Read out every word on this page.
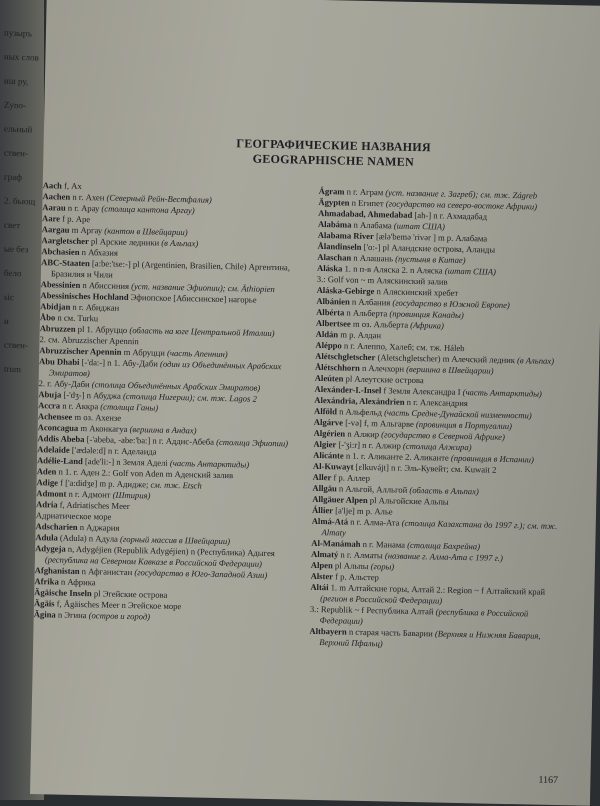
пузыръ
ных слов
иш ру,
Zyno-
ельный
ствен-
граф
2. бьющ
свет
ые без
бело
sic
и
ствен-
trum
ГЕОГРАФИЧЕСКИЕ НАЗВАНИЯ
GEOGRAPHISCHE NAMEN

Aach f, Ах

Aachen n г. Ахен (Северный Рейн-Вестфалия)

Aarau n г. Арау (столица кантона Аргау)

Aare f р. Аре

Aargau m Аргау (кантон в Швейцарии)

Aargletscher pl Арские ледники (в Альпах)

Abchasien n Абхазия

ABC-Staaten [a:be:'tse:-] pl (Argentinien, Brasilien, Chile) Аргентина, Бразилия и Чили

Abessinien n Абиссиния (уст. название Эфиопии); см. Äthiopien

Abessinisches Hochland Эфиопское [Абиссинское] нагорье

Abidjan n г. Абиджан

Åbo n см. Turku

Abruzzen pl 1. Абруццо (область на юге Центральной Италии)

2. см. Abruzzischer Apennin

Abruzzischer Apennin m Абруцци (часть Апеннин)

Abu Dhabi [-'da:-] n 1. Абу-Даби (один из Объединённых Арабских Эмиратов)

2. г. Абу-Даби (столица Объединённых Арабских Эмиратов)

Abuja [-'dʒ-] n Абуджа (столица Нигерии); см. тж. Lagos 2

Accra n г. Аккра (столица Ганы)

Achensee m оз. Ахензе

Aconcagua m Аконкагуа (вершина в Андах)

Addis Abeba [-'abeba, -abe:'ba:] n г. Аддис-Абеба (столица Эфиопии)

Adelaide ['ædəle:d] n г. Аделаида

Adélie-Land [ade'li:-] n Земля Аделі (часть Антарктиды)

Aden n 1. г. Аден 2.: Golf von Aden m Аденский залив

Adige f ['a:didʒe] m р. Адидже; см. тж. Etsch

Admont n г. Адмонт (Штирия)

Adria f, Adriatisches Meer

Адриатическое море

Adscharien n Аджария

Adula (Adula) n Адула (горный массив в Швейцарии)

Adygeja n, Adygéjien (Republik Adygéjien) n (Республика) Адыгея (республика на Северном Кавказе в Российской Федерации)

Afghanistan n Афганистан (государство в Юго-Западной Азии)

Afrika n Африка

Ägäische Inseln pl Эгейские острова

Ägäis f, Ägäisches Meer n Эгейское море

Ägina n Эгина (остров и город)

Ágram n г. Аграм (уст. название г. Загреб); см. тж. Zágreb

Ägypten n Египет (государство на северо-востоке Африки)

Ahmadabad, Ahmedabad [ah-] n г. Ахмадабад

Alabáma n Алабама (штат США)

Alabama River [ælə'bemə 'rivər ] m р. Алабама

Ålandinseln ['o:-] pl Аландские острова, Аланды

Alaschan n Алашань (пустыня в Китае)

Aláska 1. n п-в Аляска 2. n Аляска (штат США)

3.: Golf von ~ m Аляскинский залив

Aláska-Gebirge n Аляскинский хребет

Albánien n Албания (государство в Южной Европе)

Albérta n Альберта (провинция Канады)

Albertsee m оз. Альберта (Африка)

Aldán m р. Алдан

Aléppo n г. Алеппо, Халеб; см. тж. Háleb

Alétschgletscher (Aletschgletscher) m Алечский ледник (в Альпах)

Ålétschhorn n Алечхорн (вершина в Швейцарии)

Aleúten pl Алеутские острова

Alexánder-I.-Insel f Земля Александра I (часть Антарктиды)

Alexándria, Alexándrien n г. Александрия

Alföld n Альфельд (часть Средне-Дунайской низменности)

Algárve [-və] f, m Альгарве (провинция в Португалии)

Algérien n Алжир (государство в Северной Африке)

Algier [-'ʒi:r] n г. Алжир (столица Алжира)

Alicánte n 1. г. Аликанте 2. Аликанте (провинция в Испании)

Al-Kuwayt [ɛlkuvájt] n г. Эль-Кувейт; см. Kuwait 2

Aller f р. Аллер

Allgäu n Альгой, Алльгой (область в Альпах)

Allgäuer Alpen pl Альгойские Альпы

Állier [a'lje] m р. Алье

Almá-Atá n г. Алма-Ата (столица Казахстана до 1997 г.); см. тж. Almaty

Al-Manámah n г. Манама (столица Бахрейна)

Almatý n г. Алматы (название г. Алма-Ата с 1997 г.)

Alpen pl Альпы (горы)

Alster f р. Альстер

Altái 1. m Алтайские горы, Алтай 2.: Region ~ f Алтайский край (регион в Российской Федерации)

3.: Republik ~ f Республика Алтай (республика в Российской Федерации)

Altbayern n старая часть Баварии (Верхняя и Нижняя Бавария, Верхний Пфальц)

1167
